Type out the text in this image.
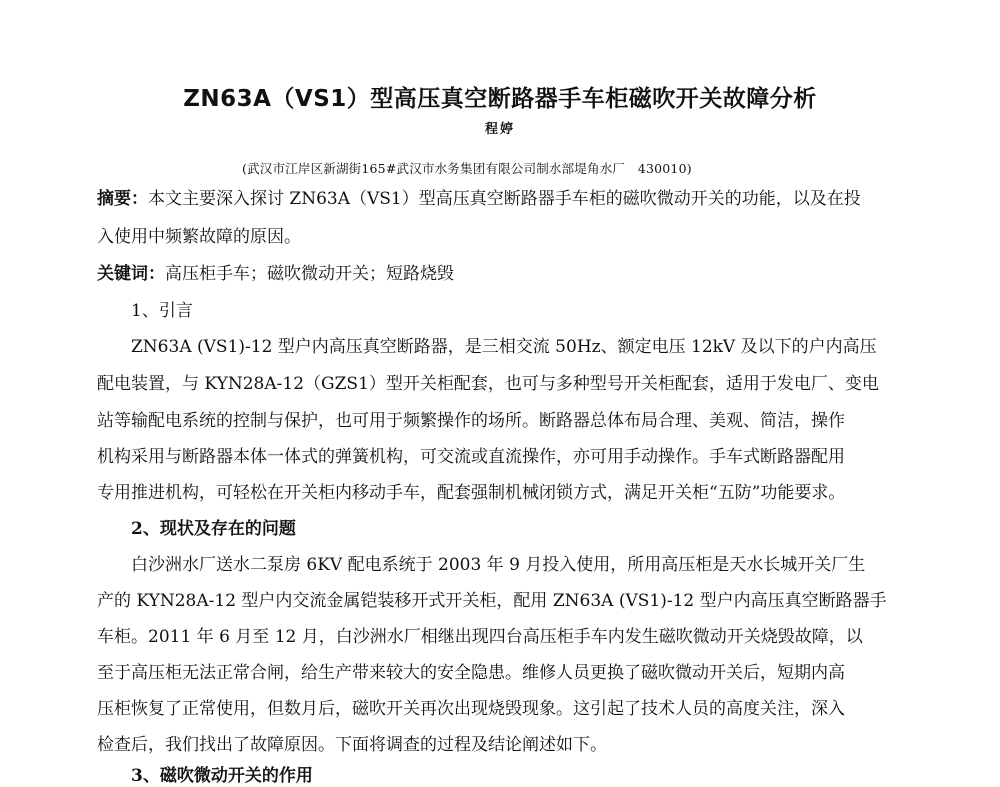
ZN63A（VS1）型高压真空断路器手车柜磁吹开关故障分析
程婷
(武汉市江岸区新湖街165#武汉市水务集团有限公司制水部堤角水厂　430010)
摘要：本文主要深入探讨 ZN63A（VS1）型高压真空断路器手车柜的磁吹微动开关的功能，以及在投
入使用中频繁故障的原因。
关键词：高压柜手车；磁吹微动开关；短路烧毁
1、引言
ZN63A (VS1)-12 型户内高压真空断路器，是三相交流 50Hz、额定电压 12kV 及以下的户内高压
配电装置，与 KYN28A-12（GZS1）型开关柜配套，也可与多种型号开关柜配套，适用于发电厂、变电
站等输配电系统的控制与保护，也可用于频繁操作的场所。断路器总体布局合理、美观、简洁，操作
机构采用与断路器本体一体式的弹簧机构，可交流或直流操作，亦可用手动操作。手车式断路器配用
专用推进机构，可轻松在开关柜内移动手车，配套强制机械闭锁方式，满足开关柜“五防”功能要求。
2、现状及存在的问题
白沙洲水厂送水二泵房 6KV 配电系统于 2003 年 9 月投入使用，所用高压柜是天水长城开关厂生
产的 KYN28A-12 型户内交流金属铠装移开式开关柜，配用 ZN63A (VS1)-12 型户内高压真空断路器手
车柜。2011 年 6 月至 12 月，白沙洲水厂相继出现四台高压柜手车内发生磁吹微动开关烧毁故障，以
至于高压柜无法正常合闸，给生产带来较大的安全隐患。维修人员更换了磁吹微动开关后，短期内高
压柜恢复了正常使用，但数月后，磁吹开关再次出现烧毁现象。这引起了技术人员的高度关注，深入
检查后，我们找出了故障原因。下面将调查的过程及结论阐述如下。
3、磁吹微动开关的作用
